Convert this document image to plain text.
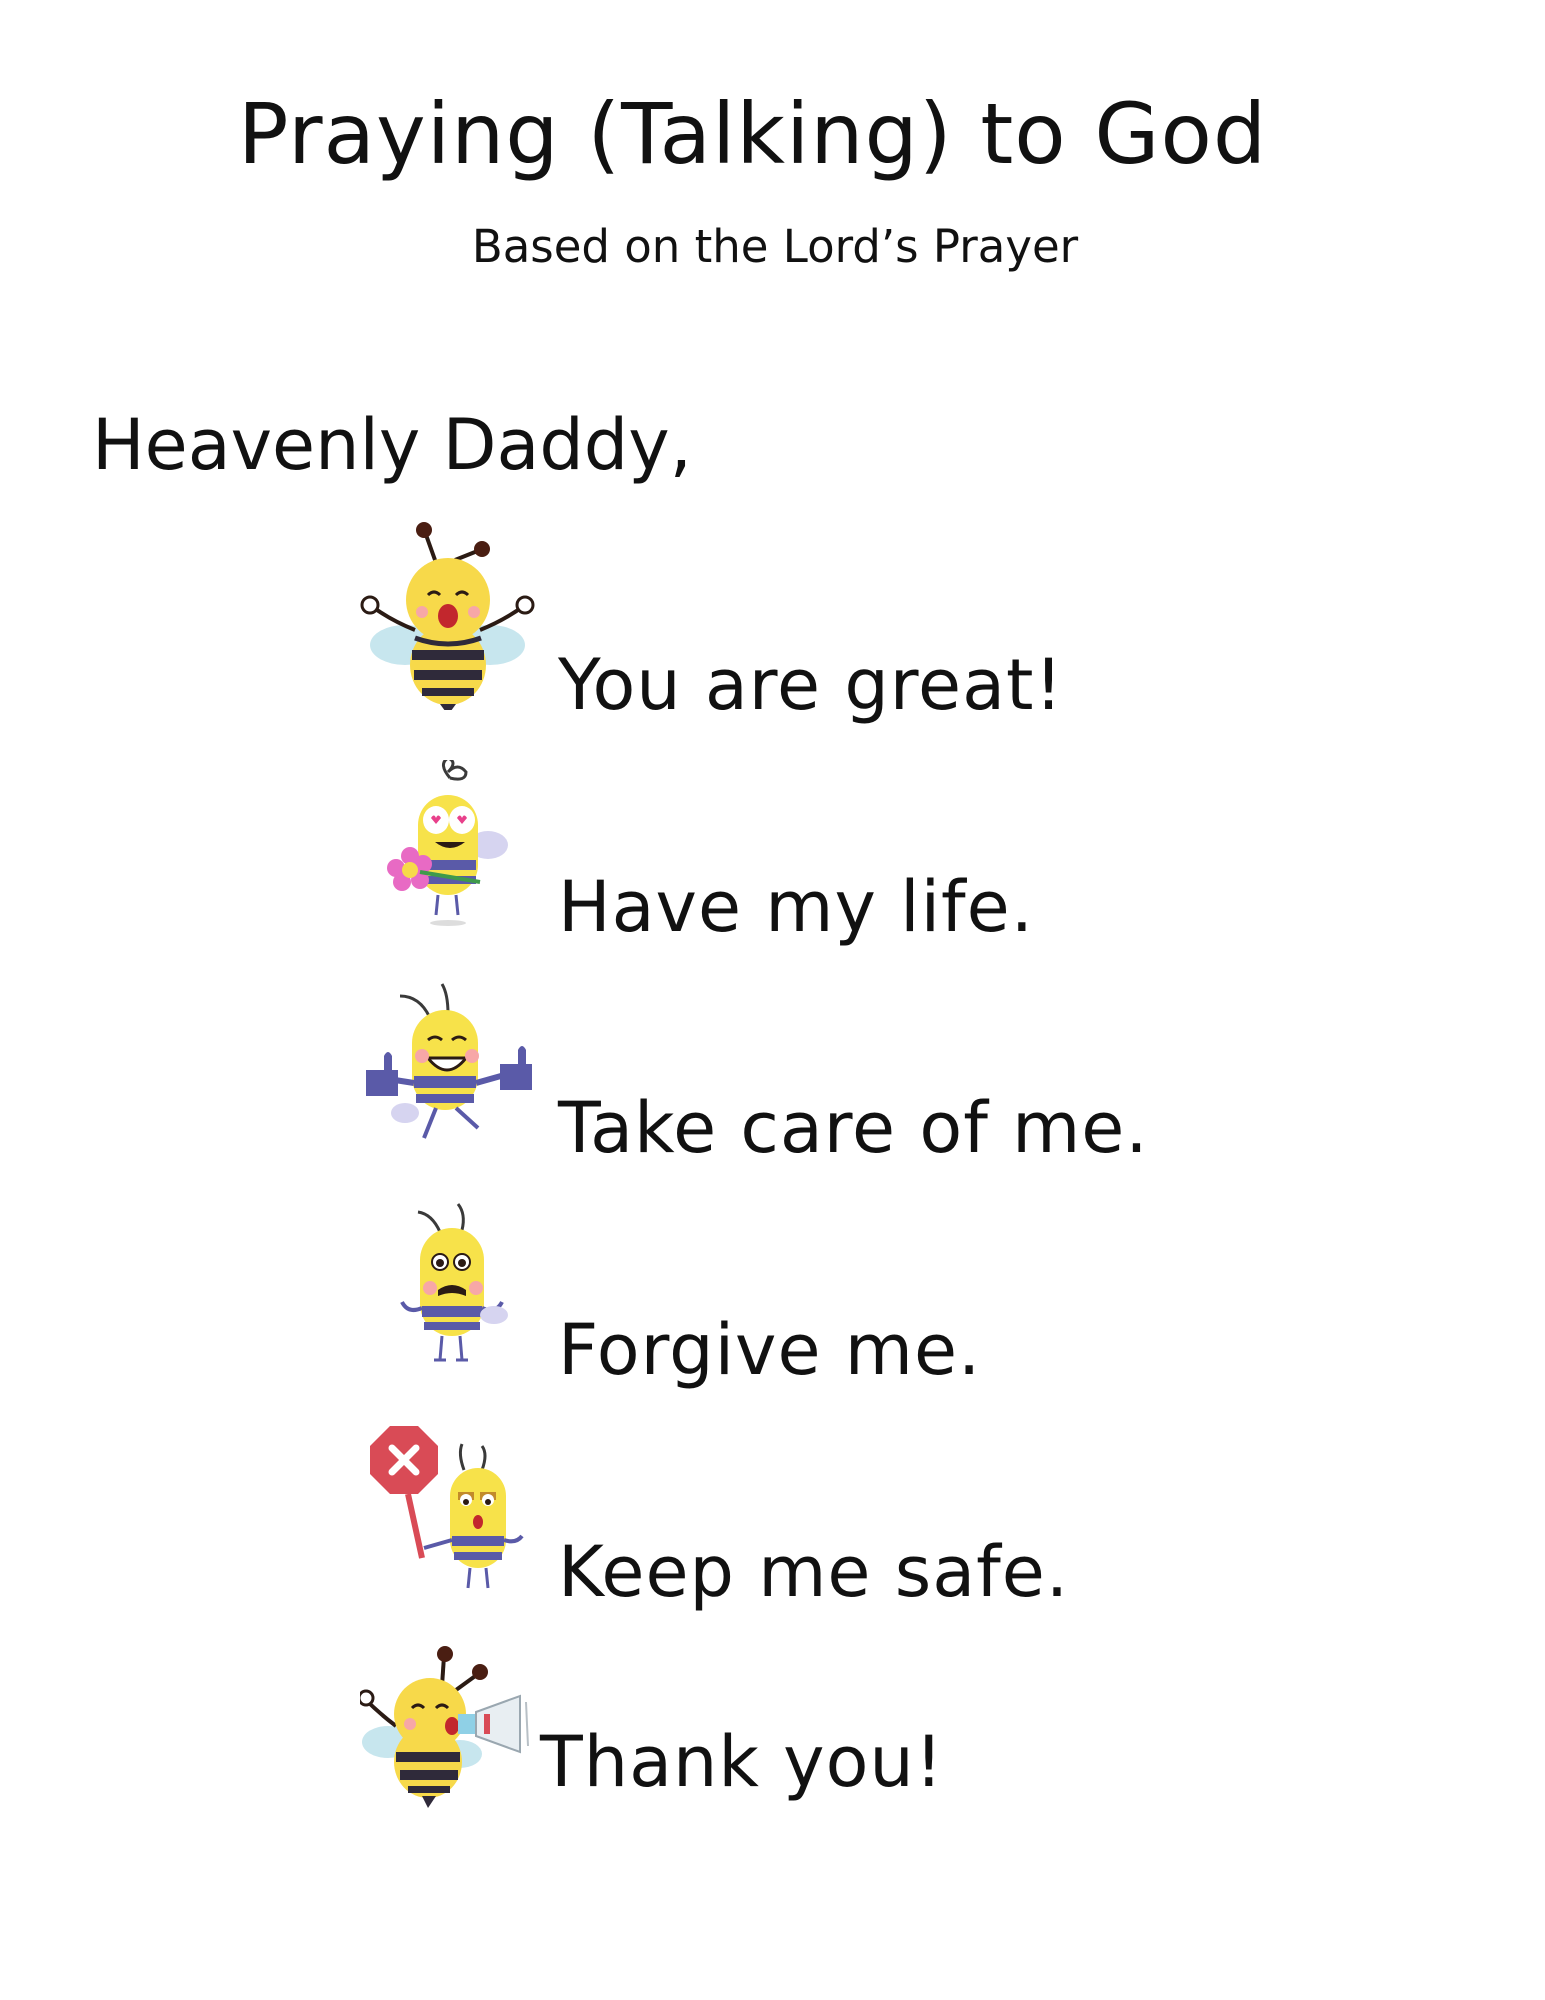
Praying (Talking) to God

Based on the Lord’s Prayer

Heavenly Daddy,

You are great!
Have my life.
Take care of me.
Forgive me.
Keep me safe.
Thank you!
